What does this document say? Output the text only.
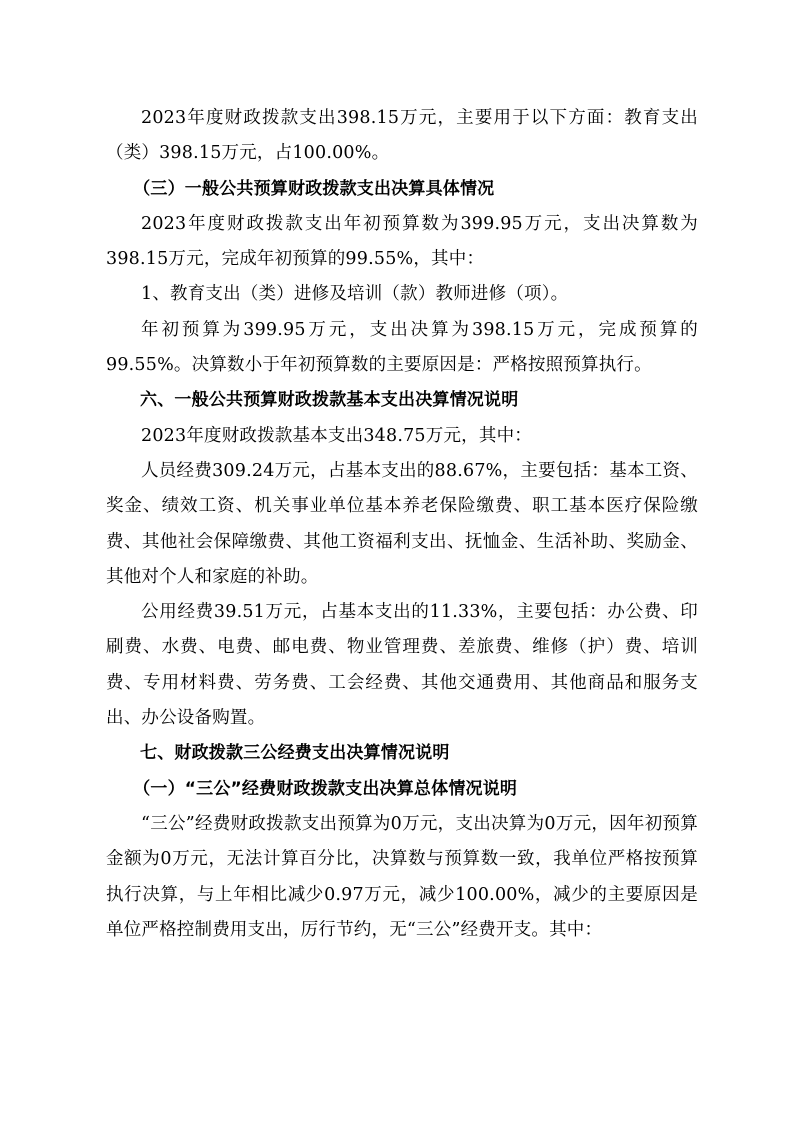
2023年度财政拨款支出398.15万元，主要用于以下方面：教育支出（类）398.15万元，占100.00%。

（三）一般公共预算财政拨款支出决算具体情况

2023年度财政拨款支出年初预算数为399.95万元，支出决算数为398.15万元，完成年初预算的99.55%，其中：

1、教育支出（类）进修及培训（款）教师进修（项）。

年初预算为399.95万元，支出决算为398.15万元，完成预算的99.55%。决算数小于年初预算数的主要原因是：严格按照预算执行。

六、一般公共预算财政拨款基本支出决算情况说明

2023年度财政拨款基本支出348.75万元，其中：

人员经费309.24万元，占基本支出的88.67%，主要包括：基本工资、奖金、绩效工资、机关事业单位基本养老保险缴费、职工基本医疗保险缴费、其他社会保障缴费、其他工资福利支出、抚恤金、生活补助、奖励金、其他对个人和家庭的补助。

公用经费39.51万元，占基本支出的11.33%，主要包括：办公费、印刷费、水费、电费、邮电费、物业管理费、差旅费、维修（护）费、培训费、专用材料费、劳务费、工会经费、其他交通费用、其他商品和服务支出、办公设备购置。

七、财政拨款三公经费支出决算情况说明

（一）“三公”经费财政拨款支出决算总体情况说明

“三公”经费财政拨款支出预算为0万元，支出决算为0万元，因年初预算金额为0万元，无法计算百分比，决算数与预算数一致，我单位严格按预算执行决算，与上年相比减少0.97万元，减少100.00%，减少的主要原因是单位严格控制费用支出，厉行节约，无“三公”经费开支。其中：
